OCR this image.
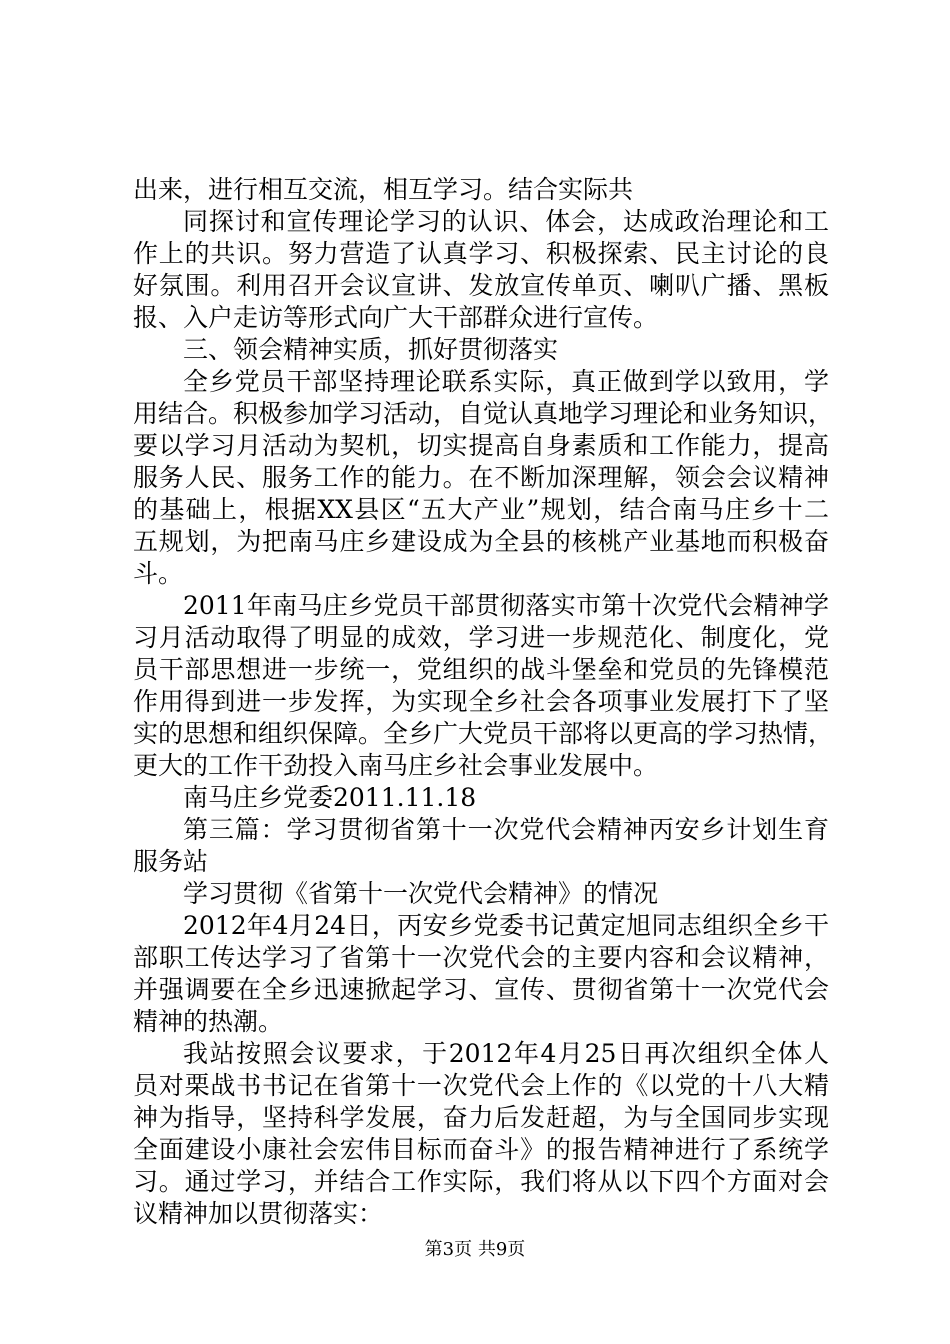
出来，进行相互交流，相互学习。结合实际共
同探讨和宣传理论学习的认识、体会，达成政治理论和工
作上的共识。努力营造了认真学习、积极探索、民主讨论的良
好氛围。利用召开会议宣讲、发放宣传单页、喇叭广播、黑板
报、入户走访等形式向广大干部群众进行宣传。
三、领会精神实质，抓好贯彻落实
全乡党员干部坚持理论联系实际，真正做到学以致用，学
用结合。积极参加学习活动，自觉认真地学习理论和业务知识，
要以学习月活动为契机，切实提高自身素质和工作能力，提高
服务人民、服务工作的能力。在不断加深理解，领会会议精神
的基础上，根据XX县区“五大产业”规划，结合南马庄乡十二
五规划，为把南马庄乡建设成为全县的核桃产业基地而积极奋
斗。
2011年南马庄乡党员干部贯彻落实市第十次党代会精神学
习月活动取得了明显的成效，学习进一步规范化、制度化，党
员干部思想进一步统一，党组织的战斗堡垒和党员的先锋模范
作用得到进一步发挥，为实现全乡社会各项事业发展打下了坚
实的思想和组织保障。全乡广大党员干部将以更高的学习热情，
更大的工作干劲投入南马庄乡社会事业发展中。
南马庄乡党委2011.11.18
第三篇：学习贯彻省第十一次党代会精神丙安乡计划生育
服务站
学习贯彻《省第十一次党代会精神》的情况
2012年4月24日，丙安乡党委书记黄定旭同志组织全乡干
部职工传达学习了省第十一次党代会的主要内容和会议精神，
并强调要在全乡迅速掀起学习、宣传、贯彻省第十一次党代会
精神的热潮。
我站按照会议要求，于2012年4月25日再次组织全体人
员对栗战书书记在省第十一次党代会上作的《以党的十八大精
神为指导，坚持科学发展，奋力后发赶超，为与全国同步实现
全面建设小康社会宏伟目标而奋斗》的报告精神进行了系统学
习。通过学习，并结合工作实际，我们将从以下四个方面对会
议精神加以贯彻落实：
第3页 共9页
